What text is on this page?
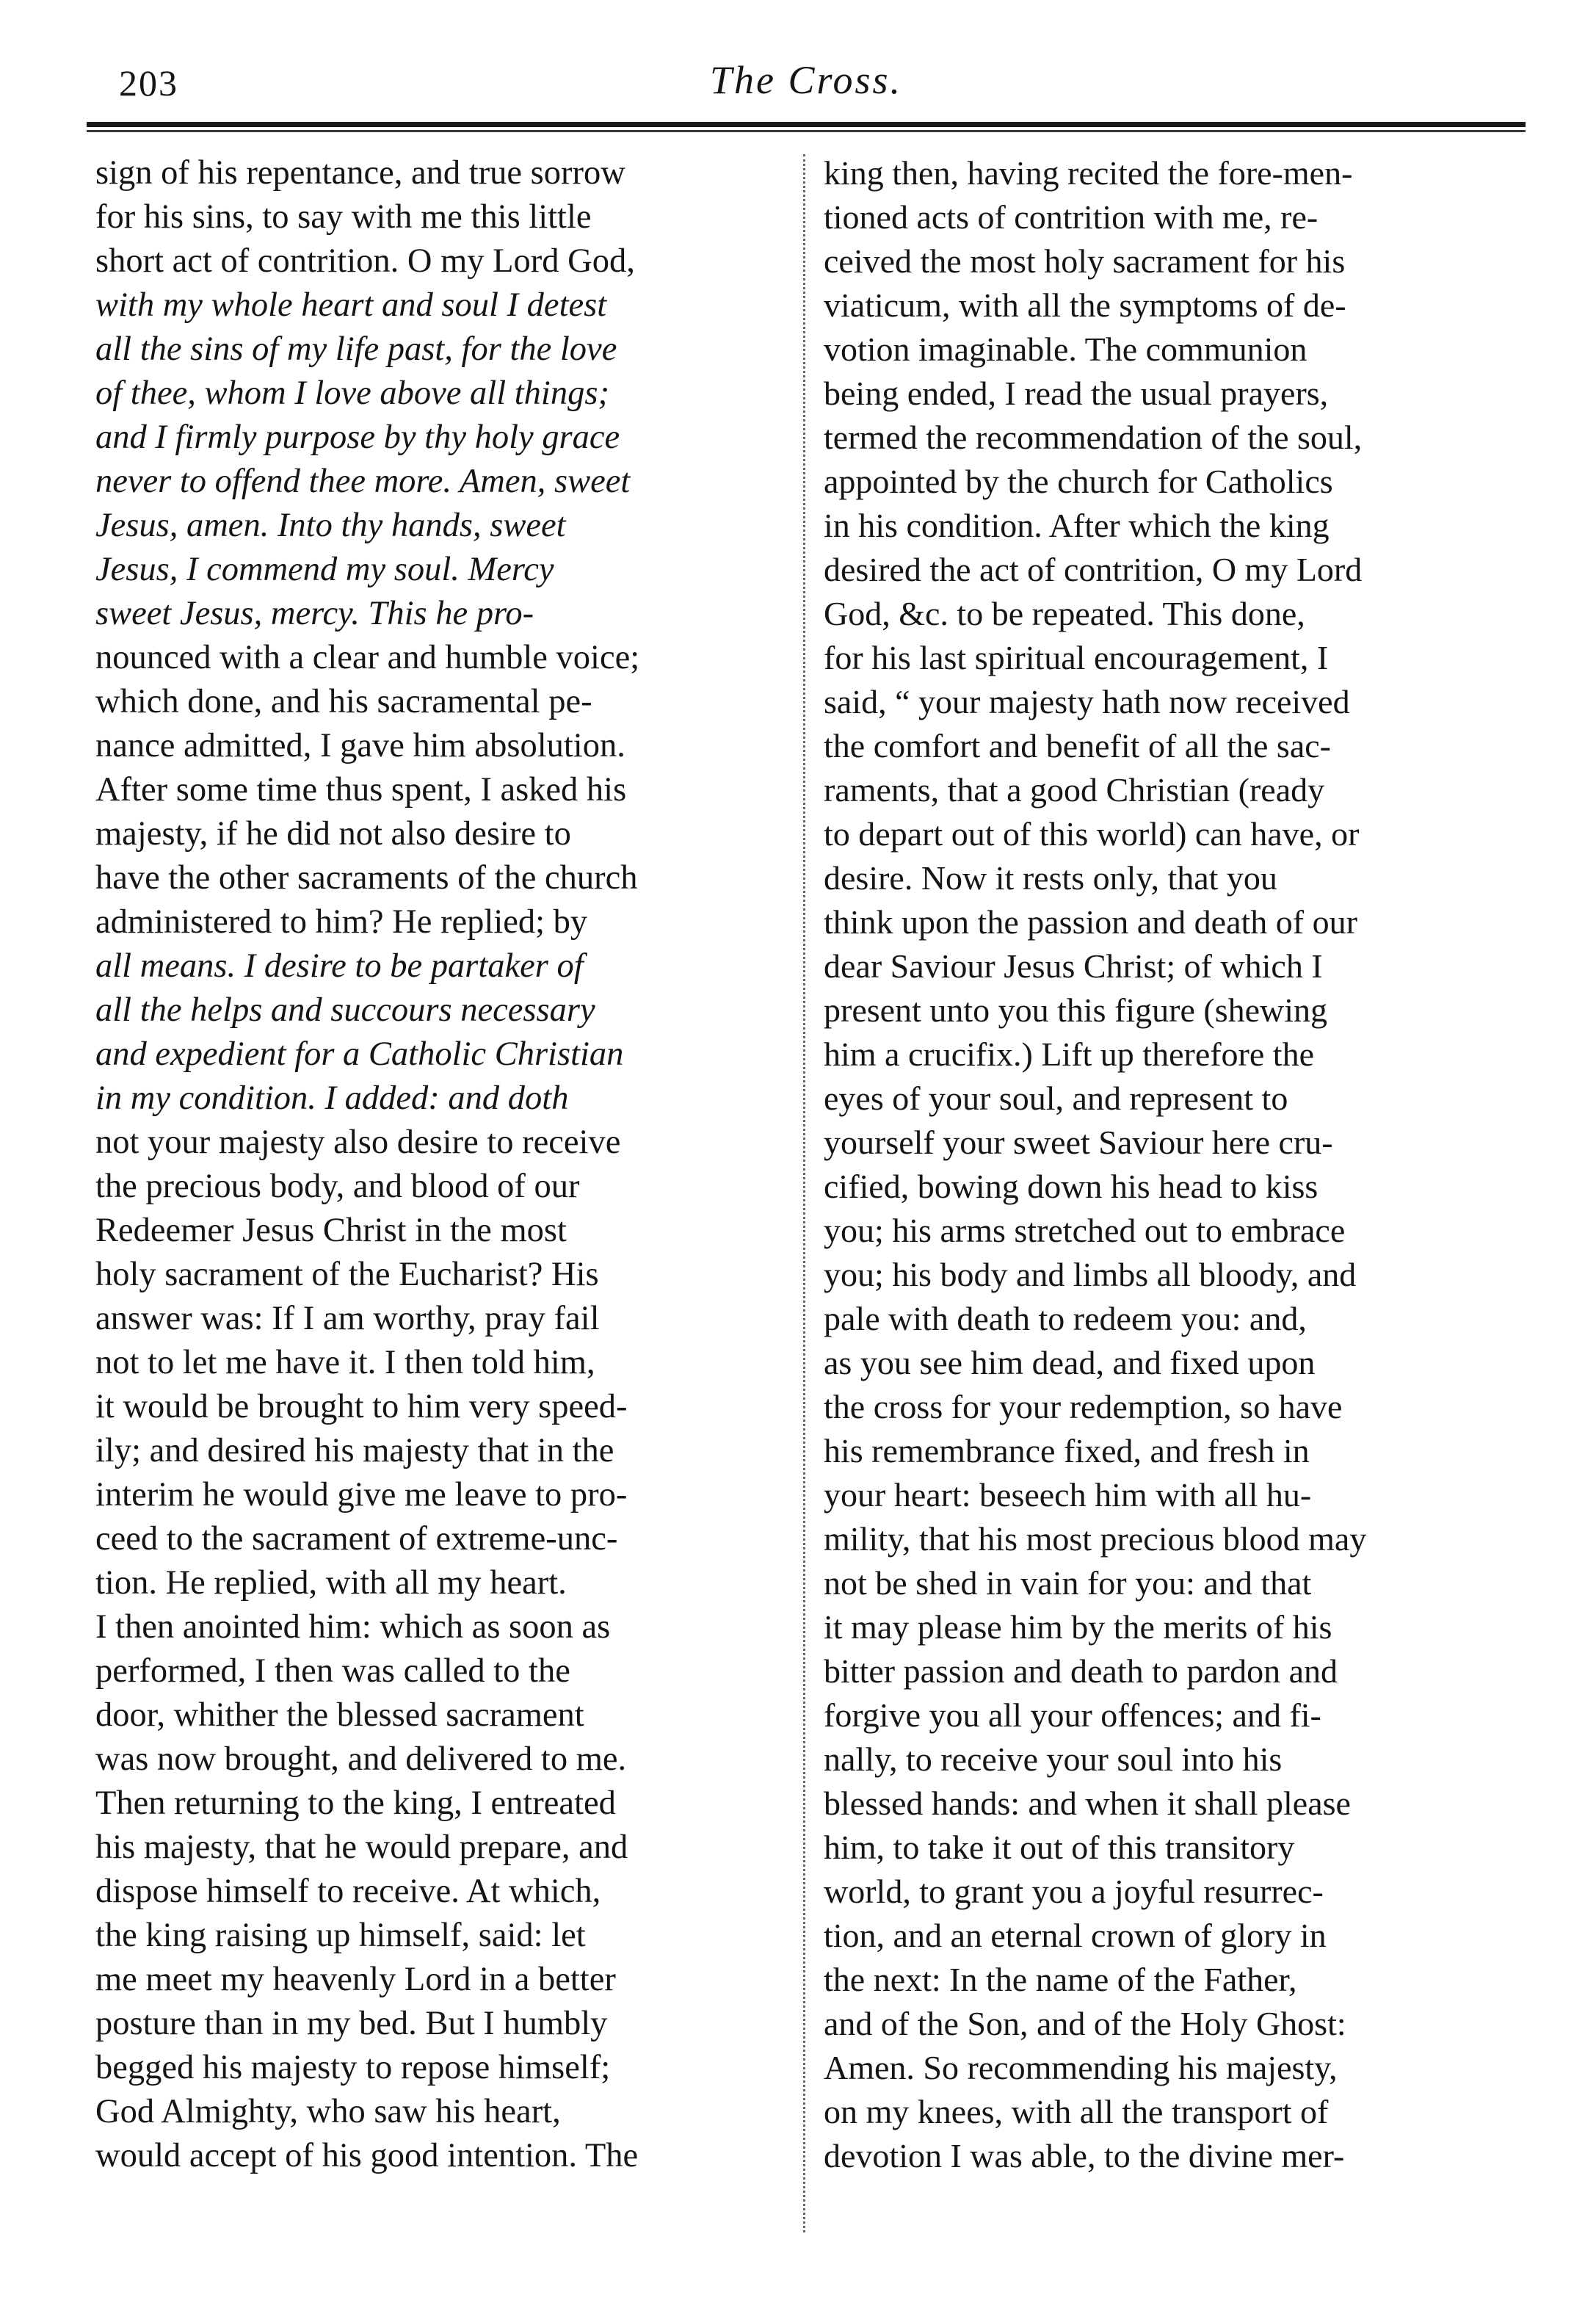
203	The Cross.
sign of his repentance, and true sorrow
for his sins, to say with me this little
short act of contrition. O my Lord God,
with my whole heart and soul I detest
all the sins of my life past, for the love
of thee, whom I love above all things;
and I firmly purpose by thy holy grace
never to offend thee more. Amen, sweet
Jesus, amen. Into thy hands, sweet
Jesus, I commend my soul. Mercy
sweet Jesus, mercy. This he pro-
nounced with a clear and humble voice;
which done, and his sacramental pe-
nance admitted, I gave him absolution.
After some time thus spent, I asked his
majesty, if he did not also desire to
have the other sacraments of the church
administered to him? He replied; by
all means. I desire to be partaker of
all the helps and succours necessary
and expedient for a Catholic Christian
in my condition. I added: and doth
not your majesty also desire to receive
the precious body, and blood of our
Redeemer Jesus Christ in the most
holy sacrament of the Eucharist? His
answer was: If I am worthy, pray fail
not to let me have it. I then told him,
it would be brought to him very speed-
ily; and desired his majesty that in the
interim he would give me leave to pro-
ceed to the sacrament of extreme-unc-
tion. He replied, with all my heart.
I then anointed him: which as soon as
performed, I then was called to the
door, whither the blessed sacrament
was now brought, and delivered to me.
Then returning to the king, I entreated
his majesty, that he would prepare, and
dispose himself to receive. At which,
the king raising up himself, said: let
me meet my heavenly Lord in a better
posture than in my bed. But I humbly
begged his majesty to repose himself;
God Almighty, who saw his heart,
would accept of his good intention. The
king then, having recited the fore-men-
tioned acts of contrition with me, re-
ceived the most holy sacrament for his
viaticum, with all the symptoms of de-
votion imaginable. The communion
being ended, I read the usual prayers,
termed the recommendation of the soul,
appointed by the church for Catholics
in his condition. After which the king
desired the act of contrition, O my Lord
God, &c. to be repeated. This done,
for his last spiritual encouragement, I
said, “ your majesty hath now received
the comfort and benefit of all the sac-
raments, that a good Christian (ready
to depart out of this world) can have, or
desire. Now it rests only, that you
think upon the passion and death of our
dear Saviour Jesus Christ; of which I
present unto you this figure (shewing
him a crucifix.) Lift up therefore the
eyes of your soul, and represent to
yourself your sweet Saviour here cru-
cified, bowing down his head to kiss
you; his arms stretched out to embrace
you; his body and limbs all bloody, and
pale with death to redeem you: and,
as you see him dead, and fixed upon
the cross for your redemption, so have
his remembrance fixed, and fresh in
your heart: beseech him with all hu-
mility, that his most precious blood may
not be shed in vain for you: and that
it may please him by the merits of his
bitter passion and death to pardon and
forgive you all your offences; and fi-
nally, to receive your soul into his
blessed hands: and when it shall please
him, to take it out of this transitory
world, to grant you a joyful resurrec-
tion, and an eternal crown of glory in
the next: In the name of the Father,
and of the Son, and of the Holy Ghost:
Amen. So recommending his majesty,
on my knees, with all the transport of
devotion I was able, to the divine mer-
